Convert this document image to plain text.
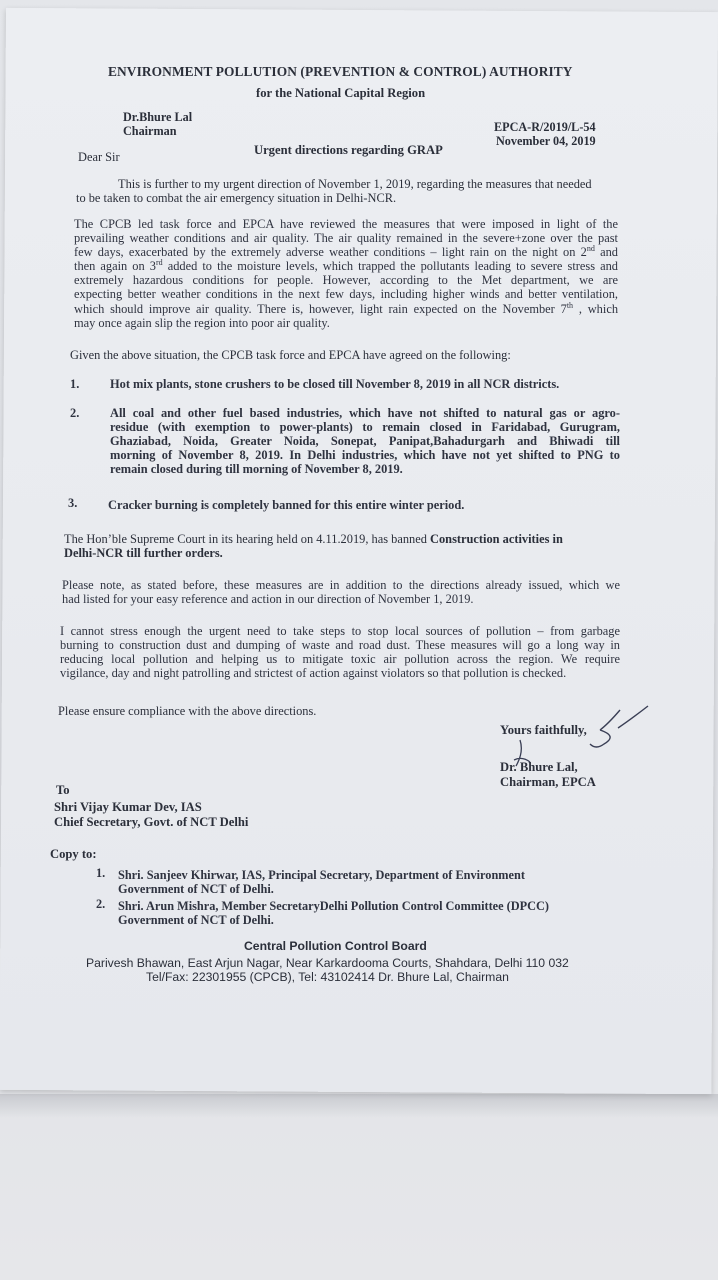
ENVIRONMENT POLLUTION (PREVENTION & CONTROL) AUTHORITY
for the National Capital Region
Dr.Bhure Lal
Chairman	EPCA-R/2019/L-54
November 04, 2019
Urgent directions regarding GRAP
Dear Sir
This is further to my urgent direction of November 1, 2019, regarding the measures that needed
to be taken to combat the air emergency situation in Delhi-NCR.
The CPCB led task force and EPCA have reviewed the measures that were imposed in light of the
prevailing weather conditions and air quality. The air quality remained in the severe+zone over the past
few days, exacerbated by the extremely adverse weather conditions – light rain on the night on 2nd and
then again on 3rd added to the moisture levels, which trapped the pollutants leading to severe stress and
extremely hazardous conditions for people. However, according to the Met department, we are
expecting better weather conditions in the next few days, including higher winds and better ventilation,
which should improve air quality. There is, however, light rain expected on the November 7th , which
may once again slip the region into poor air quality.
Given the above situation, the CPCB task force and EPCA have agreed on the following:
1. Hot mix plants, stone crushers to be closed till November 8, 2019 in all NCR districts.
2. All coal and other fuel based industries, which have not shifted to natural gas or agro-
residue (with exemption to power-plants) to remain closed in Faridabad, Gurugram,
Ghaziabad, Noida, Greater Noida, Sonepat, Panipat,Bahadurgarh and Bhiwadi till
morning of November 8, 2019. In Delhi industries, which have not yet shifted to PNG to
remain closed during till morning of November 8, 2019.
3. Cracker burning is completely banned for this entire winter period.
The Hon’ble Supreme Court in its hearing held on 4.11.2019, has banned Construction activities in
Delhi-NCR till further orders.
Please note, as stated before, these measures are in addition to the directions already issued, which we
had listed for your easy reference and action in our direction of November 1, 2019.
I cannot stress enough the urgent need to take steps to stop local sources of pollution – from garbage
burning to construction dust and dumping of waste and road dust. These measures will go a long way in
reducing local pollution and helping us to mitigate toxic air pollution across the region. We require
vigilance, day and night patrolling and strictest of action against violators so that pollution is checked.
Please ensure compliance with the above directions.
Yours faithfully,
Dr. Bhure Lal,
Chairman, EPCA
To
Shri Vijay Kumar Dev, IAS
Chief Secretary, Govt. of NCT Delhi
Copy to:
1. Shri. Sanjeev Khirwar, IAS, Principal Secretary, Department of Environment
Government of NCT of Delhi.
2. Shri. Arun Mishra, Member SecretaryDelhi Pollution Control Committee (DPCC)
Government of NCT of Delhi.
Central Pollution Control Board
Parivesh Bhawan, East Arjun Nagar, Near Karkardooma Courts, Shahdara, Delhi 110 032
Tel/Fax: 22301955 (CPCB), Tel: 43102414 Dr. Bhure Lal, Chairman
